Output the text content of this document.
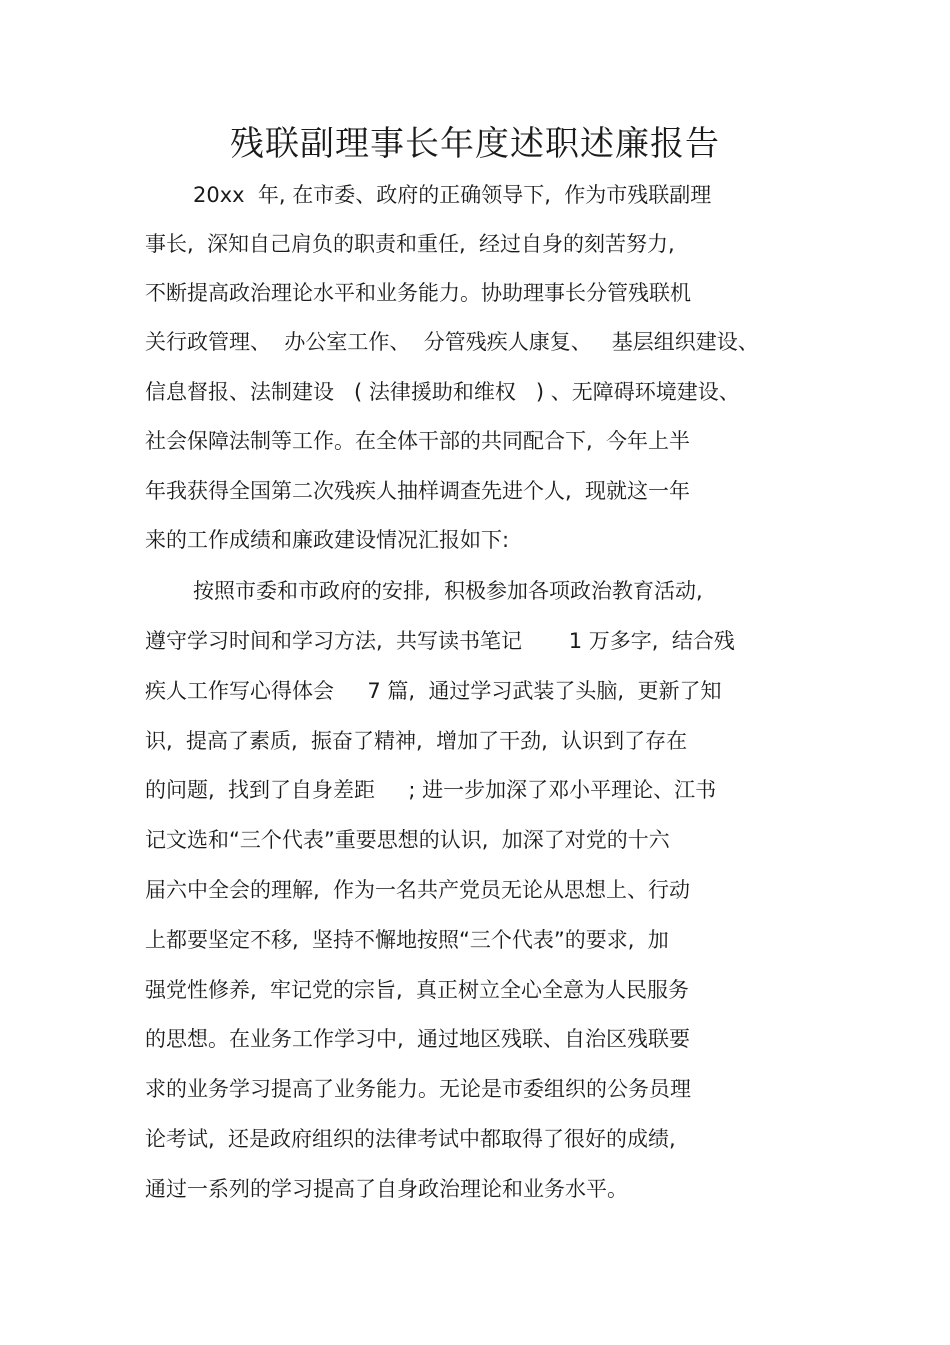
残联副理事长年度述职述廉报告
20xx  年, 在市委、政府的正确领导下,  作为市残联副理
事长,  深知自己肩负的职责和重任,  经过自身的刻苦努力,
不断提高政治理论水平和业务能力。协助理事长分管残联机
关行政管理、  办公室工作、  分管残疾人康复、   基层组织建设、
信息督报、法制建设   ( 法律援助和维权   ) 、无障碍环境建设、
社会保障法制等工作。在全体干部的共同配合下,  今年上半
年我获得全国第二次残疾人抽样调查先进个人,  现就这一年
来的工作成绩和廉政建设情况汇报如下:
按照市委和市政府的安排,  积极参加各项政治教育活动,
遵守学习时间和学习方法,  共写读书笔记       1 万多字,  结合残
疾人工作写心得体会     7 篇,  通过学习武装了头脑,  更新了知
识,  提高了素质,  振奋了精神,  增加了干劲,  认识到了存在
的问题,  找到了自身差距     ; 进一步加深了邓小平理论、江书
记文选和“三个代表”重要思想的认识,  加深了对党的十六
届六中全会的理解,  作为一名共产党员无论从思想上、行动
上都要坚定不移,  坚持不懈地按照“三个代表”的要求,  加
强党性修养,  牢记党的宗旨,  真正树立全心全意为人民服务
的思想。在业务工作学习中,  通过地区残联、自治区残联要
求的业务学习提高了业务能力。无论是市委组织的公务员理
论考试,  还是政府组织的法律考试中都取得了很好的成绩,
通过一系列的学习提高了自身政治理论和业务水平。
